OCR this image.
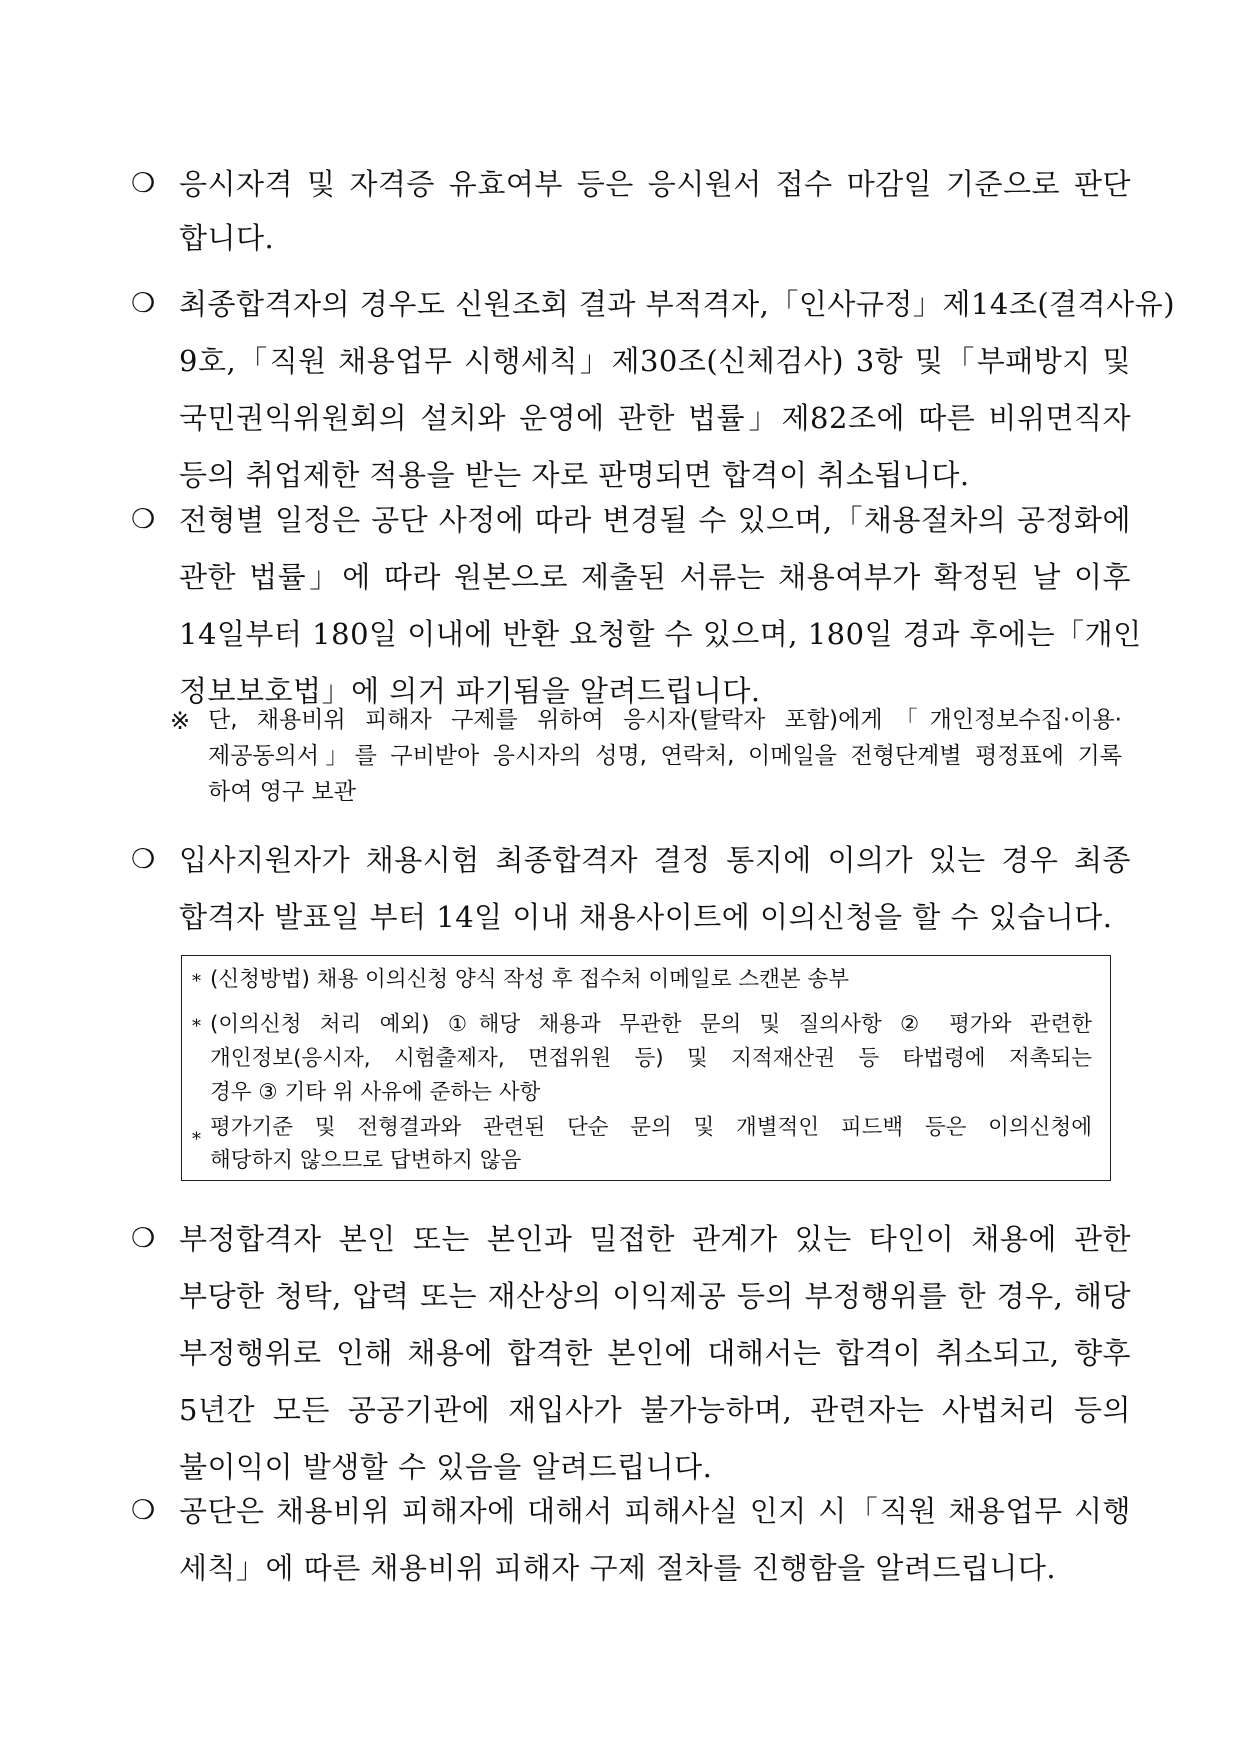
❍ 응시자격 및 자격증 유효여부 등은 응시원서 접수 마감일 기준으로 판단
합니다.
❍ 최종합격자의 경우도 신원조회 결과 부적격자,「인사규정」제14조(결격사유)
9호,「직원 채용업무 시행세칙」제30조(신체검사) 3항 및「부패방지 및
국민권익위원회의 설치와 운영에 관한 법률」제82조에 따른 비위면직자
등의 취업제한 적용을 받는 자로 판명되면 합격이 취소됩니다.
❍ 전형별 일정은 공단 사정에 따라 변경될 수 있으며,「채용절차의 공정화에
관한 법률」에 따라 원본으로 제출된 서류는 채용여부가 확정된 날 이후
14일부터 180일 이내에 반환 요청할 수 있으며, 180일 경과 후에는「개인
정보보호법」에 의거 파기됨을 알려드립니다.
※ 단, 채용비위 피해자 구제를 위하여 응시자(탈락자 포함)에게「개인정보수집·이용·
제공동의서」를 구비받아 응시자의 성명, 연락처, 이메일을 전형단계별 평정표에 기록
하여 영구 보관
❍ 입사지원자가 채용시험 최종합격자 결정 통지에 이의가 있는 경우 최종
합격자 발표일 부터 14일 이내 채용사이트에 이의신청을 할 수 있습니다.
* (신청방법) 채용 이의신청 양식 작성 후 접수처 이메일로 스캔본 송부
* (이의신청 처리 예외) ①해당 채용과 무관한 문의 및 질의사항 ② 평가와 관련한
개인정보(응시자, 시험출제자, 면접위원 등) 및 지적재산권 등 타법령에 저촉되는
경우 ③ 기타 위 사유에 준하는 사항
* 평가기준 및 전형결과와 관련된 단순 문의 및 개별적인 피드백 등은 이의신청에
해당하지 않으므로 답변하지 않음
❍ 부정합격자 본인 또는 본인과 밀접한 관계가 있는 타인이 채용에 관한
부당한 청탁, 압력 또는 재산상의 이익제공 등의 부정행위를 한 경우, 해당
부정행위로 인해 채용에 합격한 본인에 대해서는 합격이 취소되고, 향후
5년간 모든 공공기관에 재입사가 불가능하며, 관련자는 사법처리 등의
불이익이 발생할 수 있음을 알려드립니다.
❍ 공단은 채용비위 피해자에 대해서 피해사실 인지 시「직원 채용업무 시행
세칙」에 따른 채용비위 피해자 구제 절차를 진행함을 알려드립니다.
